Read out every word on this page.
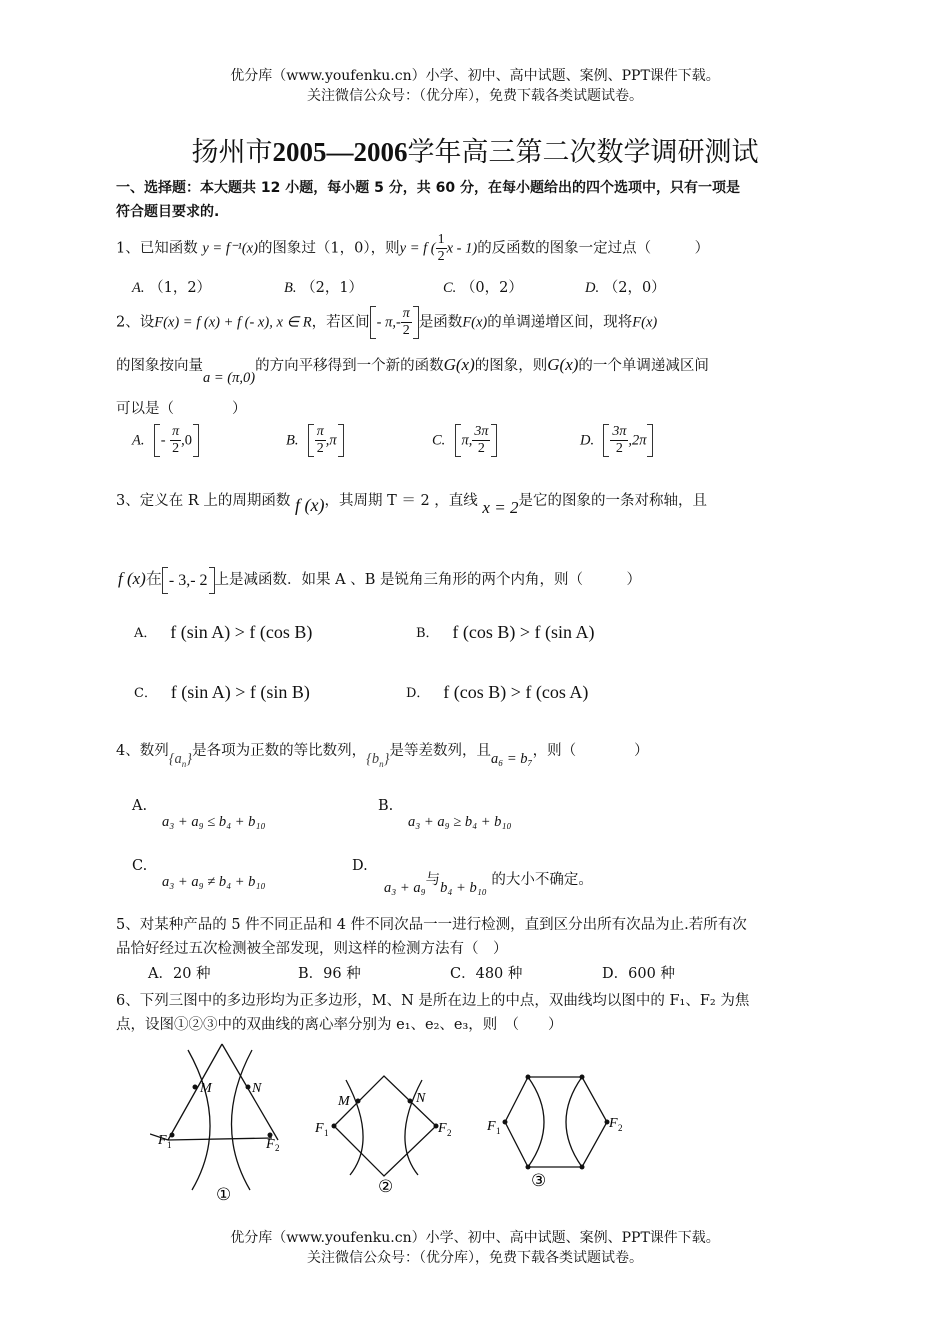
优分库（www.youfenku.cn）小学、初中、高中试题、案例、PPT课件下载。
关注微信公众号：（优分库），免费下载各类试题试卷。
扬州市2005—2006学年高三第二次数学调研测试
一、选择题：本大题共 12 小题，每小题 5 分，共 60 分，在每小题给出的四个选项中，只有一项是
符合题目要求的.
1、已知函数 y = f⁻¹(x)的图象过（1，0），则y = f ( $\frac{1}{2}$ x - 1)的反函数的图象一定过点（　　　）
A. （1，2）	B. （2，1）	C. （0，2）	D. （2，0）
2、设F(x) = f (x) + f (- x), x ∈ R，若区间 - $\pi,- \frac{\pi}{2}$ 是函数F(x)的单调递增区间，现将F(x)
的图象按向量a = (π,0)的方向平移得到一个新的函数G(x)的图象，则G(x)的一个单调递减区间
可以是（　　　　）
A. - $\frac{\pi}{2} ,0$	B. $\frac{\pi}{2} ,\pi$	C. π, $\frac{3\pi}{2}$	D. $\frac{3\pi}{2} ,2\pi$
3、定义在 R 上的周期函数 f (x)，其周期 T ＝ 2 ，直线 x = 2是它的图象的一条对称轴，且
f (x)在 - 3,- 2 上是减函数．如果 A 、B 是锐角三角形的两个内角，则（　　　）
A． f (sin A) > f (cos B)	B． f (cos B) > f (sin A)
C． f (sin A) > f (sin B)	D． f (cos B) > f (cos A)
4、数列$\{a_n\}$是各项为正数的等比数列，$\{b_n\}$是等差数列，且a₆ = b₇，则（　　　　）
A.
a₃ + a₉ ≤ b₄ + b₁₀
B.
a₃ + a₉ ≥ b₄ + b₁₀
C.
a₃ + a₉ ≠ b₄ + b₁₀
D.
a₃ + a₉与b₄ + b₁₀ 的大小不确定。
5、对某种产品的 5 件不同正品和 4 件不同次品一一进行检测，直到区分出所有次品为止.若所有次
品恰好经过五次检测被全部发现，则这样的检测方法有（　）
A．20 种	B．96 种	C．480 种	D．600 种
6、下列三图中的多边形均为正多边形，M、N 是所在边上的中点，双曲线均以图中的 F₁、F₂ 为焦
点，设图①②③中的双曲线的离心率分别为 e₁、e₂、e₃，则　（　　）
M	N
F 1	F 2
①
M	N
F 1	F 2
②
F 1	F 2
③
优分库（www.youfenku.cn）小学、初中、高中试题、案例、PPT课件下载。
关注微信公众号：（优分库），免费下载各类试题试卷。
